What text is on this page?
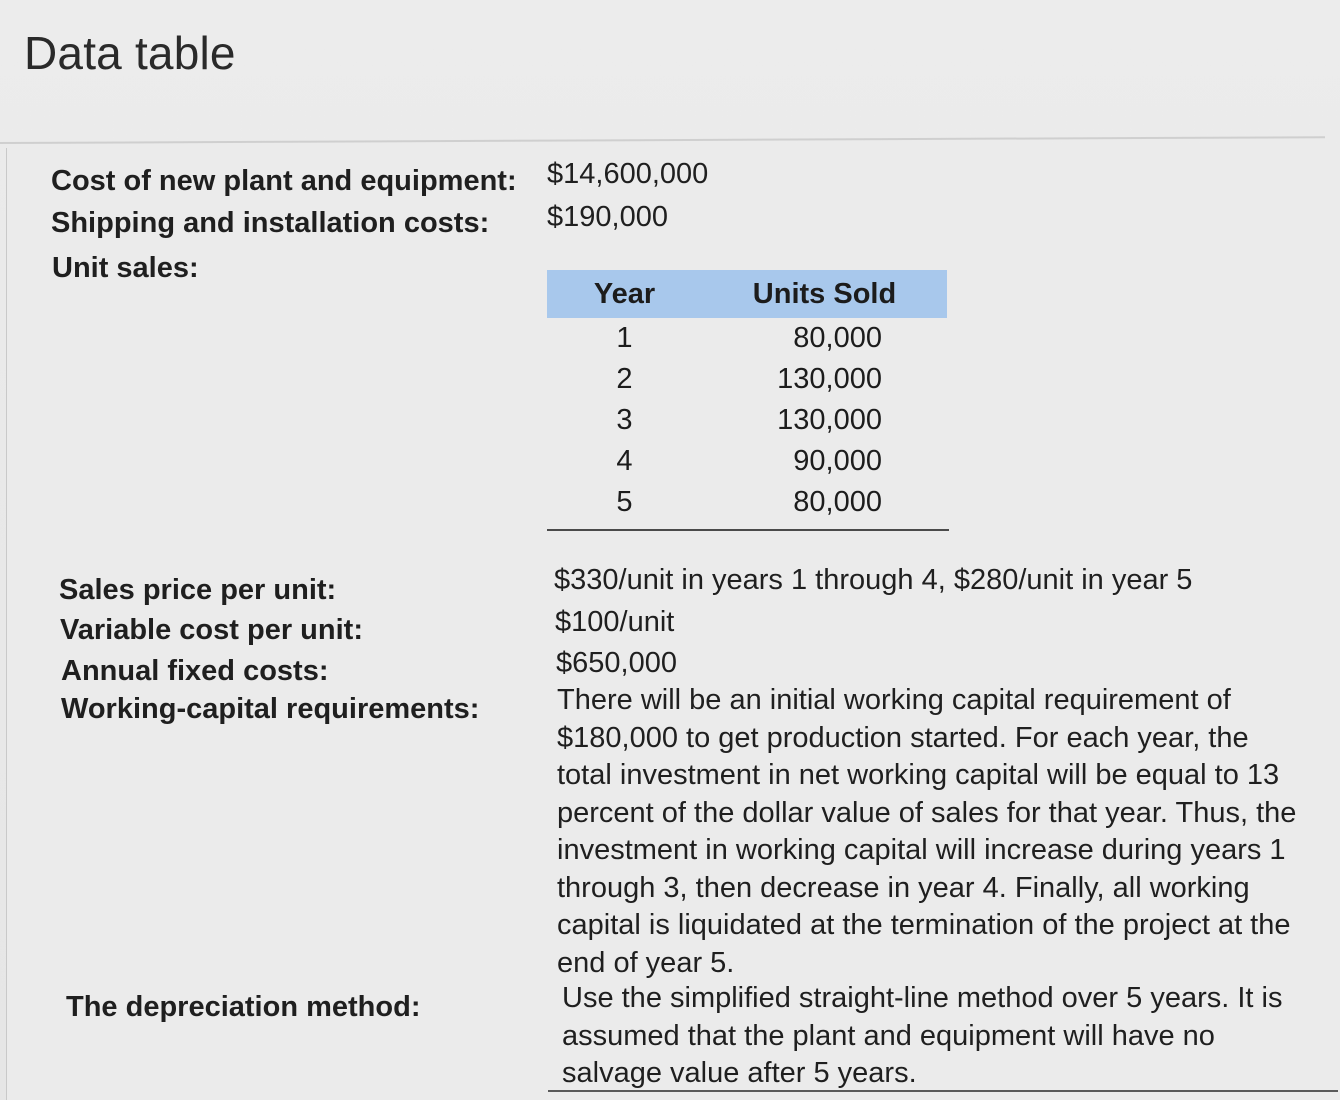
Data table
Cost of new plant and equipment: $14,600,000
Shipping and installation costs: $190,000
Unit sales:
Year	Units Sold
1	80,000
2	130,000
3	130,000
4	90,000
5	80,000
Sales price per unit:	$330/unit in years 1 through 4, $280/unit in year 5
Variable cost per unit:	$100/unit
Annual fixed costs:	$650,000
Working-capital requirements:	There will be an initial working capital requirement of $180,000 to get production started. For each year, the total investment in net working capital will be equal to 13 percent of the dollar value of sales for that year. Thus, the investment in working capital will increase during years 1 through 3, then decrease in year 4. Finally, all working capital is liquidated at the termination of the project at the end of year 5.
The depreciation method:	Use the simplified straight-line method over 5 years. It is assumed that the plant and equipment will have no salvage value after 5 years.
